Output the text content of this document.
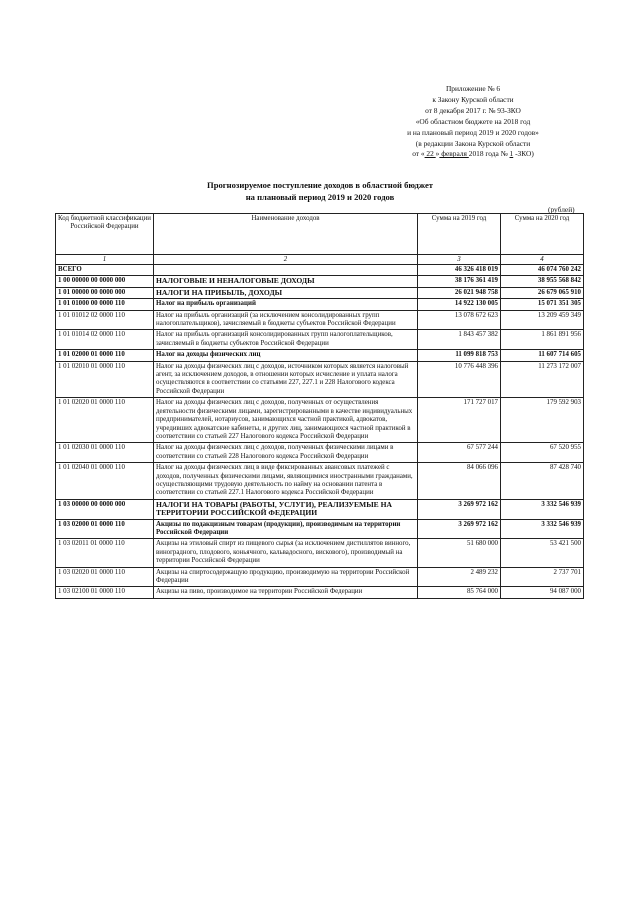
Приложение № 6
к Закону Курской области
от 8 декабря 2017 г. № 93-ЗКО
«Об областном бюджете на 2018 год
и на плановый период 2019 и 2020 годов»
(в редакции Закона Курской области
от « 22 » февраля 2018 года № 1 -ЗКО)
Прогнозируемое поступление доходов в областной бюджет
на плановый период 2019 и 2020 годов
(рублей)
Код бюджетной классификации Российской Федерации	Наименование доходов	Сумма на 2019 год	Сумма на 2020 год
1	2	3	4
ВСЕГО		46 326 418 019	46 074 760 242
1 00 00000 00 0000 000	НАЛОГОВЫЕ И НЕНАЛОГОВЫЕ ДОХОДЫ	38 176 361 419	38 955 568 842
1 01 00000 00 0000 000	НАЛОГИ НА ПРИБЫЛЬ, ДОХОДЫ	26 021 948 758	26 679 065 910
1 01 01000 00 0000 110	Налог на прибыль организаций	14 922 130 005	15 071 351 305
1 01 01012 02 0000 110	Налог на прибыль организаций (за исключением консолидированных групп налогоплательщиков), зачисляемый в бюджеты субъектов Российской Федерации	13 078 672 623	13 209 459 349
1 01 01014 02 0000 110	Налог на прибыль организаций консолидированных групп налогоплательщиков, зачисляемый в бюджеты субъектов Российской Федерации	1 843 457 382	1 861 891 956
1 01 02000 01 0000 110	Налог на доходы физических лиц	11 099 818 753	11 607 714 605
1 01 02010 01 0000 110	Налог на доходы физических лиц с доходов, источником которых является налоговый агент, за исключением доходов, в отношении которых исчисление и уплата налога осуществляются в соответствии со статьями 227, 227.1 и 228 Налогового кодекса Российской Федерации	10 776 448 396	11 273 172 007
1 01 02020 01 0000 110	Налог на доходы физических лиц с доходов, полученных от осуществления деятельности физическими лицами, зарегистрированными в качестве индивидуальных предпринимателей, нотариусов, занимающихся частной практикой, адвокатов, учредивших адвокатские кабинеты, и других лиц, занимающихся частной практикой в соответствии со статьей 227 Налогового кодекса Российской Федерации	171 727 017	179 592 903
1 01 02030 01 0000 110	Налог на доходы физических лиц с доходов, полученных физическими лицами в соответствии со статьей 228 Налогового кодекса Российской Федерации	67 577 244	67 520 955
1 01 02040 01 0000 110	Налог на доходы физических лиц в виде фиксированных авансовых платежей с доходов, полученных физическими лицами, являющимися иностранными гражданами, осуществляющими трудовую деятельность по найму на основании патента в соответствии со статьей 227.1 Налогового кодекса Российской Федерации	84 066 096	87 428 740
1 03 00000 00 0000 000	НАЛОГИ НА ТОВАРЫ (РАБОТЫ, УСЛУГИ), РЕАЛИЗУЕМЫЕ НА ТЕРРИТОРИИ РОССИЙСКОЙ ФЕДЕРАЦИИ	3 269 972 162	3 332 546 939
1 03 02000 01 0000 110	Акцизы по подакцизным товарам (продукции), производимым на территории Российской Федерации	3 269 972 162	3 332 546 939
1 03 02011 01 0000 110	Акцизы на этиловый спирт из пищевого сырья (за исключением дистиллятов винного, виноградного, плодового, коньячного, кальвадосного, вискового), производимый на территории Российской Федерации	51 680 000	53 421 500
1 03 02020 01 0000 110	Акцизы на спиртосодержащую продукцию, производимую на территории Российской Федерации	2 489 232	2 737 701
1 03 02100 01 0000 110	Акцизы на пиво, производимое на территории Российской Федерации	85 764 000	94 087 000
